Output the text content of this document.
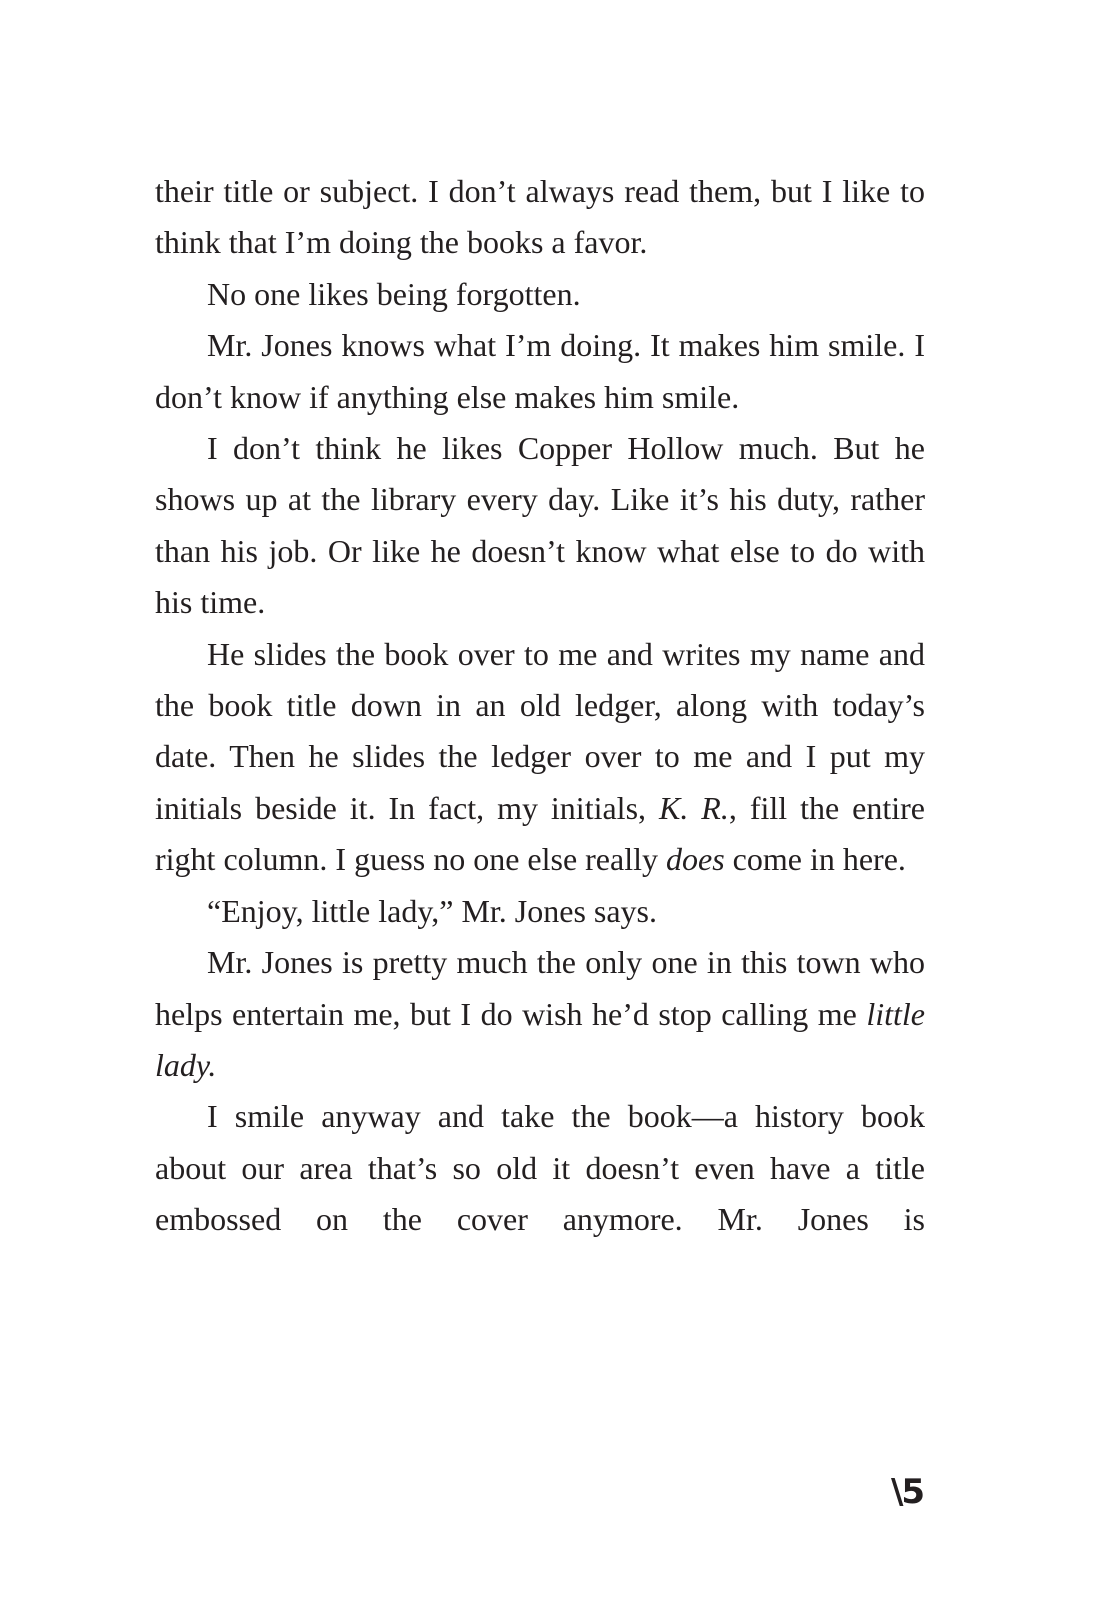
their title or subject. I don’t always read them, but I like to think that I’m doing the books a favor.

No one likes being forgotten.

Mr. Jones knows what I’m doing. It makes him smile. I don’t know if anything else makes him smile.

I don’t think he likes Copper Hollow much. But he shows up at the library every day. Like it’s his duty, rather than his job. Or like he doesn’t know what else to do with his time.

He slides the book over to me and writes my name and the book title down in an old ledger, along with today’s date. Then he slides the ledger over to me and I put my initials beside it. In fact, my initials, K. R., fill the entire right column. I guess no one else really does come in here.

“Enjoy, little lady,” Mr. Jones says.

Mr. Jones is pretty much the only one in this town who helps entertain me, but I do wish he’d stop calling me little lady.

I smile anyway and take the book—a history book about our area that’s so old it doesn’t even have a title embossed on the cover anymore. Mr. Jones is

\5
